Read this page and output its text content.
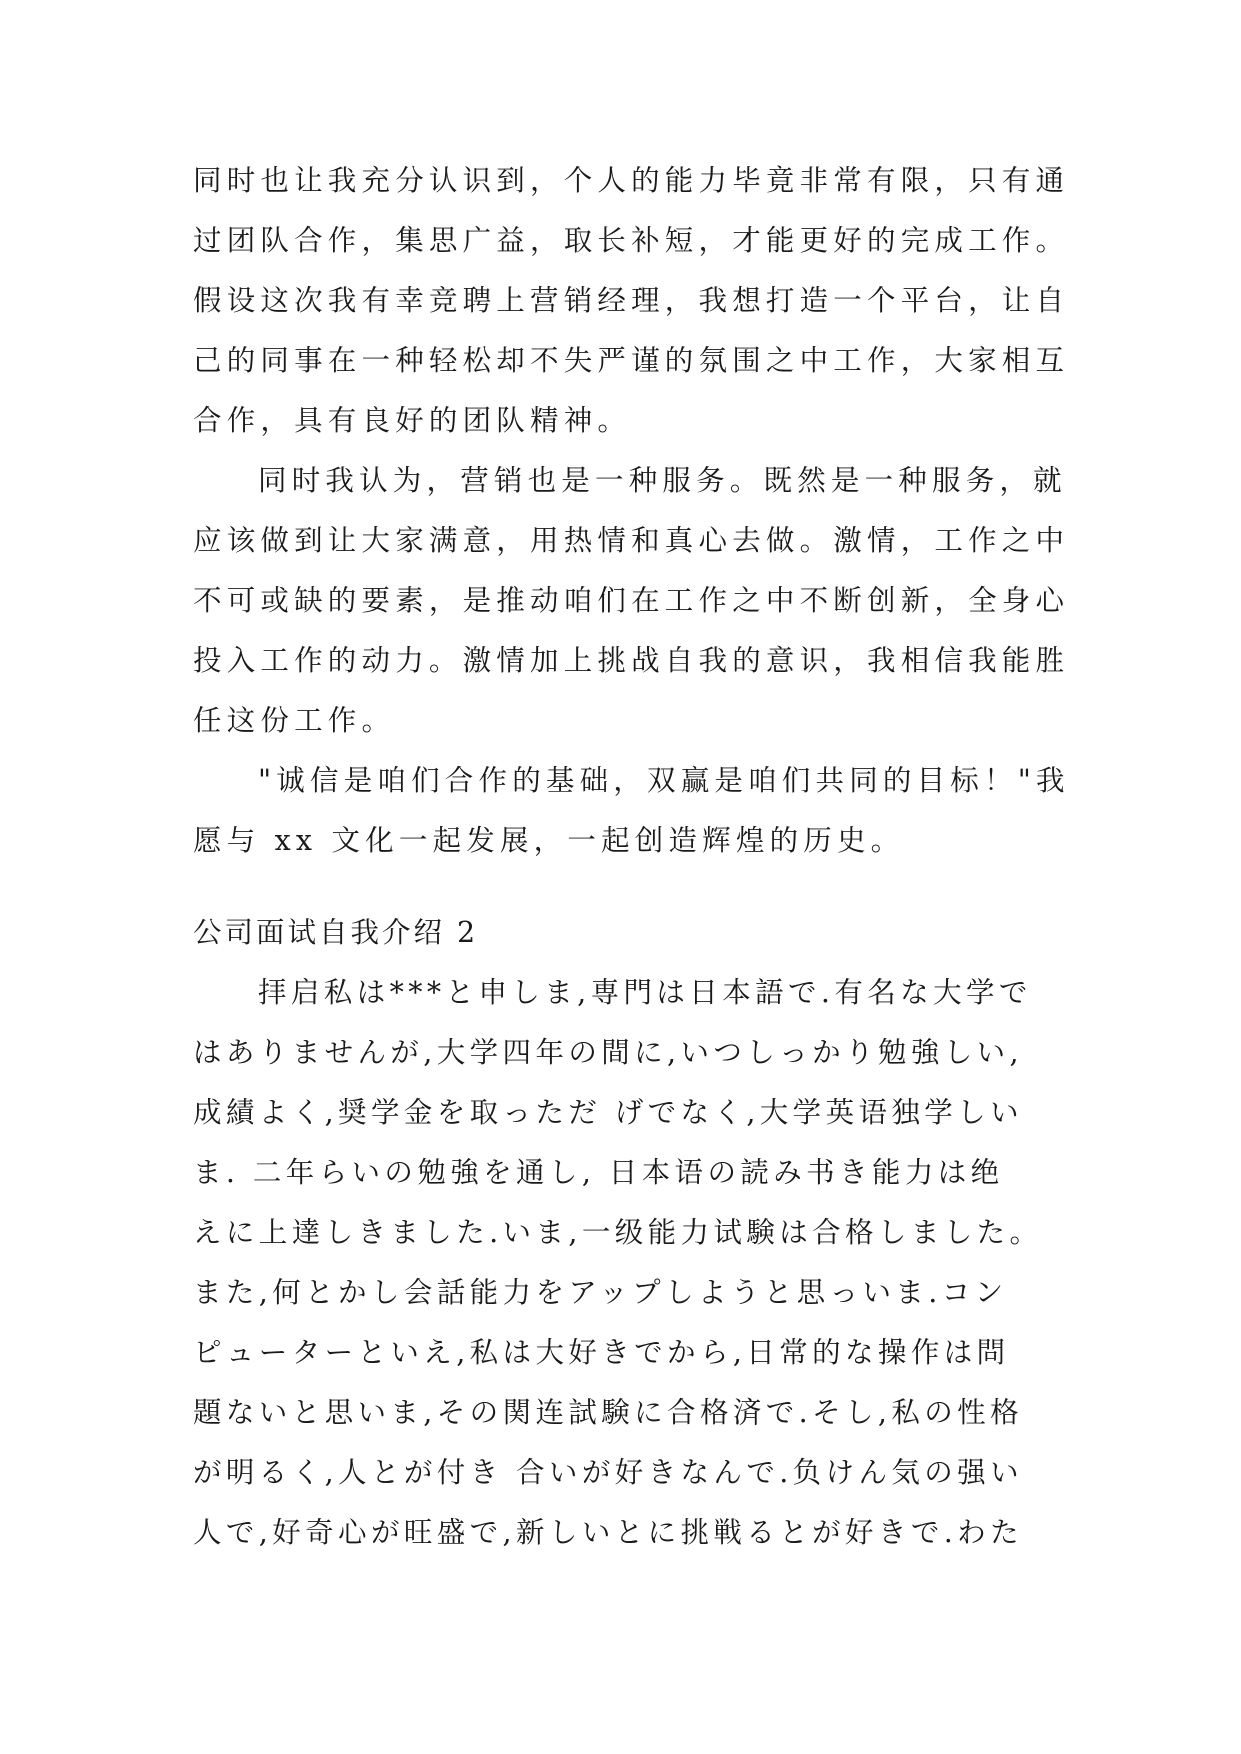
同时也让我充分认识到，个人的能力毕竟非常有限，只有通
过团队合作，集思广益，取长补短，才能更好的完成工作。
假设这次我有幸竞聘上营销经理，我想打造一个平台，让自
己的同事在一种轻松却不失严谨的氛围之中工作，大家相互
合作，具有良好的团队精神。
同时我认为，营销也是一种服务。既然是一种服务，就
应该做到让大家满意，用热情和真心去做。激情，工作之中
不可或缺的要素，是推动咱们在工作之中不断创新，全身心
投入工作的动力。激情加上挑战自我的意识，我相信我能胜
任这份工作。
"诚信是咱们合作的基础，双赢是咱们共同的目标！"我
愿与 xx 文化一起发展，一起创造辉煌的历史。
公司面试自我介绍 2
拝启私は***と申しま,専門は日本語で.有名な大学で
はありませんが,大学四年の間に,いつしっかり勉強しい,
成績よく,奨学金を取っただ げでなく,大学英语独学しい
ま. 二年らいの勉強を通し, 日本语の読み书き能力は绝
えに上達しきました.いま,一级能力试験は合格しました。
また,何とかし会話能力をアップしようと思っいま.コン
ピューターといえ,私は大好きでから,日常的な操作は問
題ないと思いま,その関连試験に合格済で.そし,私の性格
が明るく,人とが付き 合いが好きなんで.负けん気の强い
人で,好奇心が旺盛で,新しいとに挑戦るとが好きで.わた
